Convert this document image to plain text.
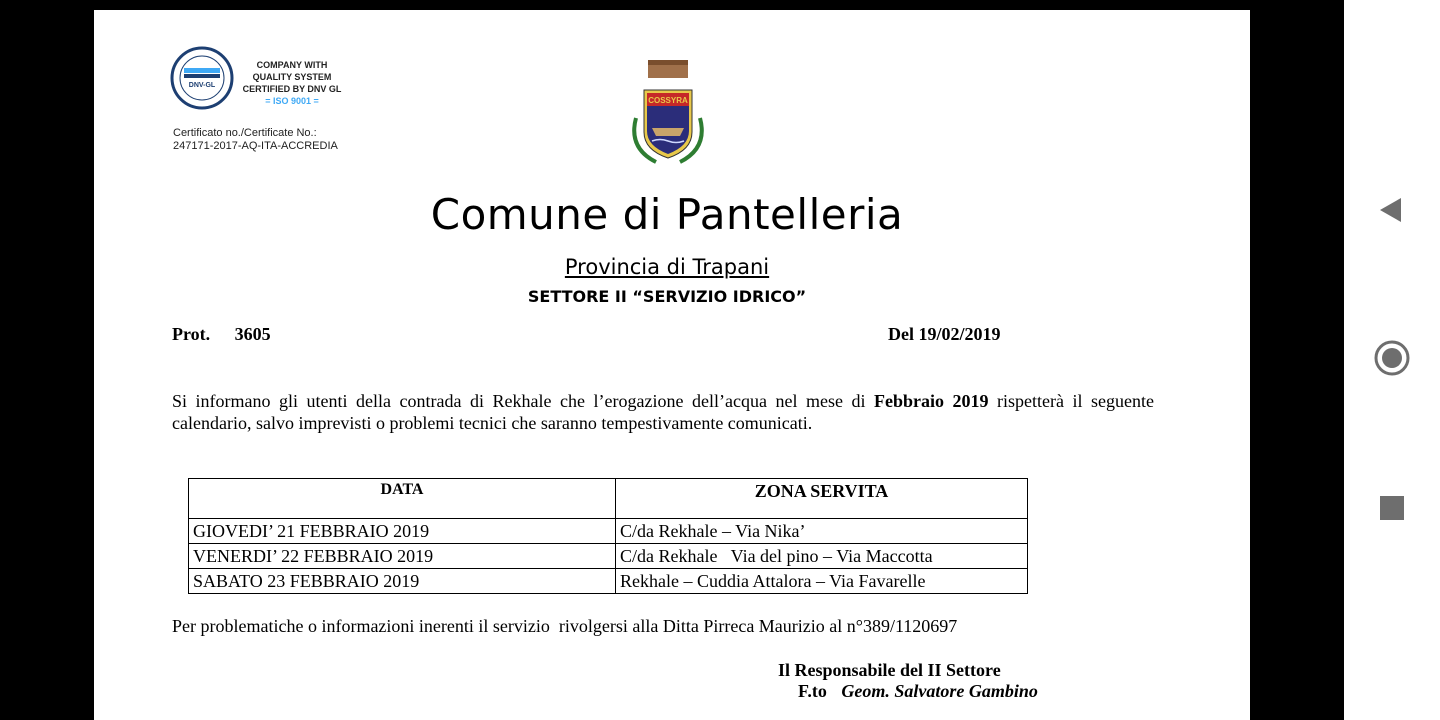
DNV-GL
COMPANY WITH
QUALITY SYSTEM
CERTIFIED BY DNV GL
= ISO 9001 =
Certificato no./Certificate No.:
247171-2017-AQ-ITA-ACCREDIA
COSSYRA
Comune di Pantelleria
Provincia di Trapani
SETTORE II “SERVIZIO IDRICO”
Prot. 3605	Del 19/02/2019
Si informano gli utenti della contrada di Rekhale che l’erogazione dell’acqua nel mese di Febbraio 2019 rispetterà il seguente calendario, salvo imprevisti o problemi tecnici che saranno tempestivamente comunicati.
DATA	ZONA SERVITA
GIOVEDI’ 21 FEBBRAIO 2019	C/da Rekhale – Via Nika’
VENERDI’ 22 FEBBRAIO 2019	C/da Rekhale   Via del pino – Via Maccotta
SABATO 23 FEBBRAIO 2019	Rekhale – Cuddia Attalora – Via Favarelle
Per problematiche o informazioni inerenti il servizio  rivolgersi alla Ditta Pirreca Maurizio al n°389/1120697
Il Responsabile del II Settore
F.to Geom. Salvatore Gambino
